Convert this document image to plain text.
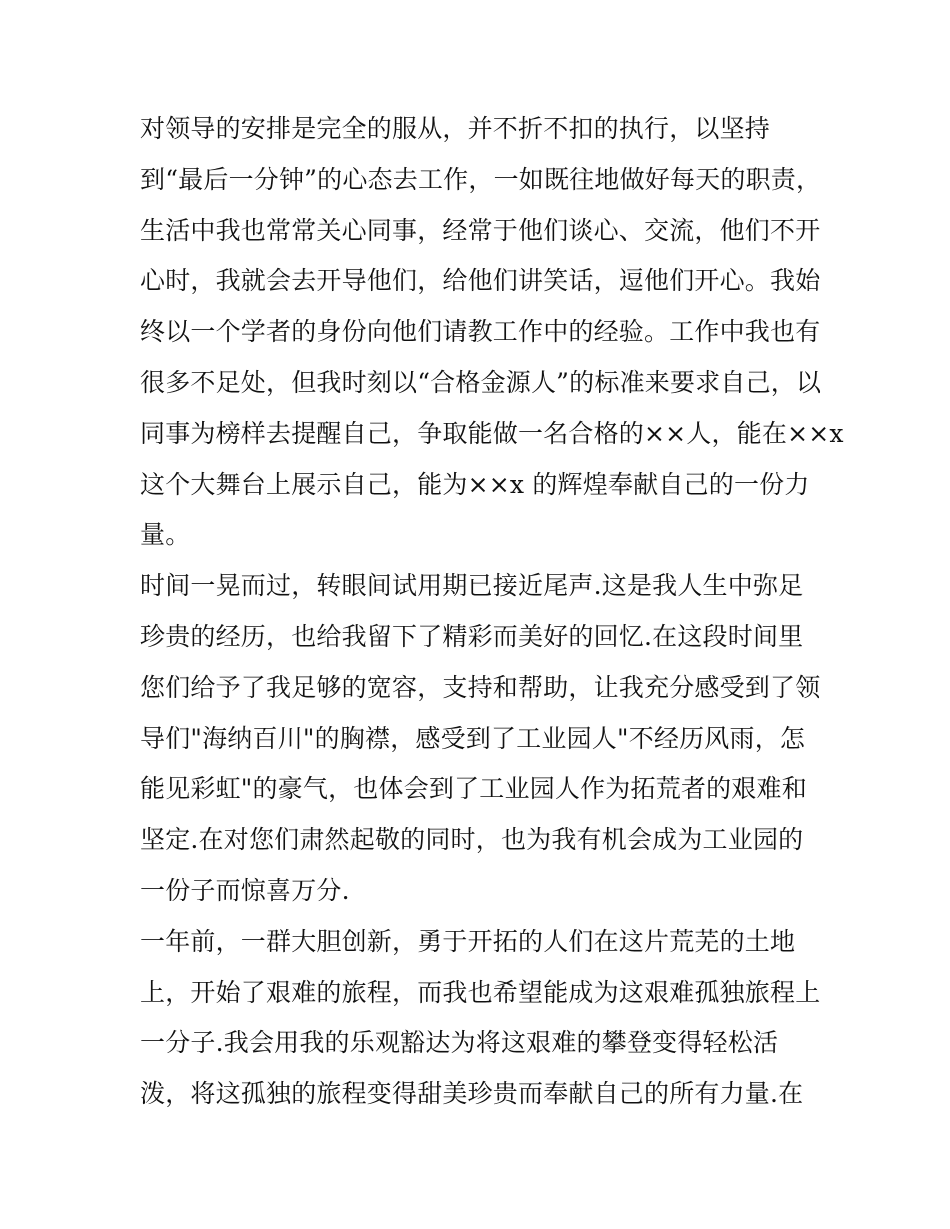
对领导的安排是完全的服从，并不折不扣的执行，以坚持
到“最后一分钟”的心态去工作，一如既往地做好每天的职责，
生活中我也常常关心同事，经常于他们谈心、交流，他们不开
心时，我就会去开导他们，给他们讲笑话，逗他们开心。我始
终以一个学者的身份向他们请教工作中的经验。工作中我也有
很多不足处，但我时刻以“合格金源人”的标准来要求自己，以
同事为榜样去提醒自己，争取能做一名合格的××人，能在××x
这个大舞台上展示自己，能为××x 的辉煌奉献自己的一份力
量。
时间一晃而过，转眼间试用期已接近尾声.这是我人生中弥足
珍贵的经历，也给我留下了精彩而美好的回忆.在这段时间里
您们给予了我足够的宽容，支持和帮助，让我充分感受到了领
导们"海纳百川"的胸襟，感受到了工业园人"不经历风雨，怎
能见彩虹"的豪气，也体会到了工业园人作为拓荒者的艰难和
坚定.在对您们肃然起敬的同时，也为我有机会成为工业园的
一份子而惊喜万分.
一年前，一群大胆创新，勇于开拓的人们在这片荒芜的土地
上，开始了艰难的旅程，而我也希望能成为这艰难孤独旅程上
一分子.我会用我的乐观豁达为将这艰难的攀登变得轻松活
泼，将这孤独的旅程变得甜美珍贵而奉献自己的所有力量.在
